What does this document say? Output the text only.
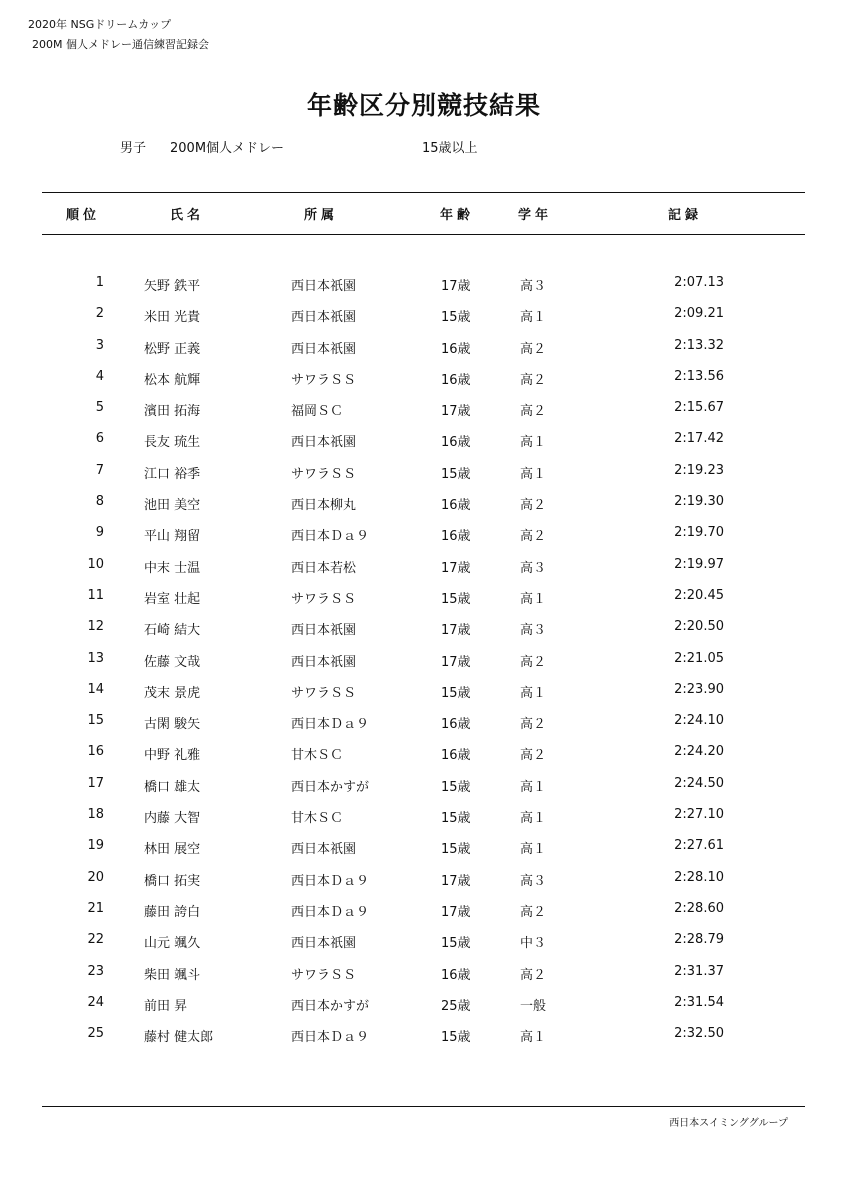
2020年 NSGドリームカップ
200M 個人メドレー通信練習記録会
年齢区分別競技結果
男子 200M個人メドレー	15歳以上
順位	氏名	所属	年齢	学年	記録
1	矢野 鉄平	西日本祇園	17歳	高３	2:07.13
2	米田 光貴	西日本祇園	15歳	高１	2:09.21
3	松野 正義	西日本祇園	16歳	高２	2:13.32
4	松本 航輝	サワラＳＳ	16歳	高２	2:13.56
5	濱田 拓海	福岡ＳＣ	17歳	高２	2:15.67
6	長友 琉生	西日本祇園	16歳	高１	2:17.42
7	江口 裕季	サワラＳＳ	15歳	高１	2:19.23
8	池田 美空	西日本柳丸	16歳	高２	2:19.30
9	平山 翔留	西日本Ｄａ９	16歳	高２	2:19.70
10	中末 士温	西日本若松	17歳	高３	2:19.97
11	岩室 壮起	サワラＳＳ	15歳	高１	2:20.45
12	石崎 結大	西日本祇園	17歳	高３	2:20.50
13	佐藤 文哉	西日本祇園	17歳	高２	2:21.05
14	茂末 景虎	サワラＳＳ	15歳	高１	2:23.90
15	古閑 駿矢	西日本Ｄａ９	16歳	高２	2:24.10
16	中野 礼雅	甘木ＳＣ	16歳	高２	2:24.20
17	橋口 雄太	西日本かすが	15歳	高１	2:24.50
18	内藤 大智	甘木ＳＣ	15歳	高１	2:27.10
19	林田 展空	西日本祇園	15歳	高１	2:27.61
20	橋口 拓実	西日本Ｄａ９	17歳	高３	2:28.10
21	藤田 誇白	西日本Ｄａ９	17歳	高２	2:28.60
22	山元 颯久	西日本祇園	15歳	中３	2:28.79
23	柴田 颯斗	サワラＳＳ	16歳	高２	2:31.37
24	前田 昇	西日本かすが	25歳	一般	2:31.54
25	藤村 健太郎	西日本Ｄａ９	15歳	高１	2:32.50
西日本スイミンググループ
